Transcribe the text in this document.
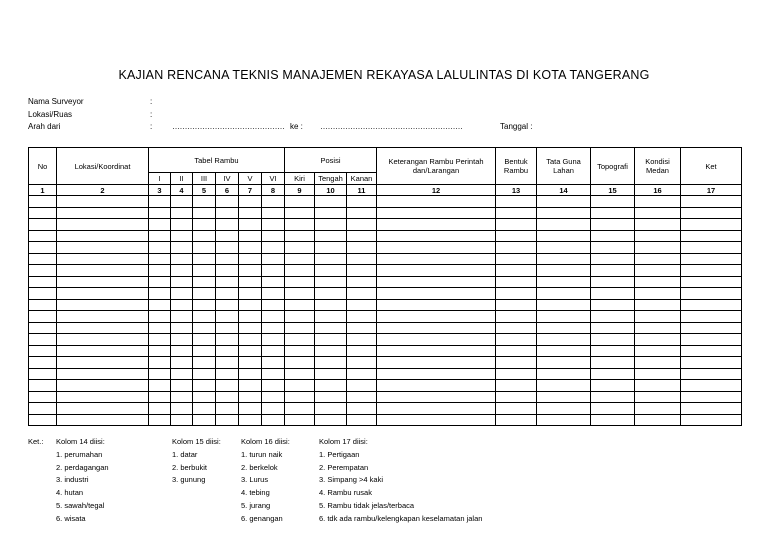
KAJIAN RENCANA TEKNIS MANAJEMEN REKAYASA LALULINTAS DI KOTA TANGERANG
Nama Surveyor	:
Lokasi/Ruas	:
Arah dari	: ……………………………………… ke : …………………………………………………	Tanggal :
No	Lokasi/Koordinat	Tabel Rambu						Posisi			Keterangan Rambu Perintah dan/Larangan	Bentuk Rambu	Tata Guna Lahan	Topografi	Kondisi Medan	Ket
		I	II	III	IV	V	VI	Kiri	Tengah	Kanan						
1	2	3	4	5	6	7	8	9	10	11	12	13	14	15	16	17

Ket.: Kolom 14 diisi:
1. perumahan
2. perdagangan
3. industri
4. hutan
5. sawah/tegal
6. wisata
Kolom 15 diisi:
1. datar
2. berbukit
3. gunung
Kolom 16 diisi:
1. turun naik
2. berkelok
3. Lurus
4. tebing
5. jurang
6. genangan
Kolom 17 diisi:
1. Pertigaan
2. Perempatan
3. Simpang >4 kaki
4. Rambu rusak
5. Rambu tidak jelas/terbaca
6. tdk ada rambu/kelengkapan keselamatan jalan
